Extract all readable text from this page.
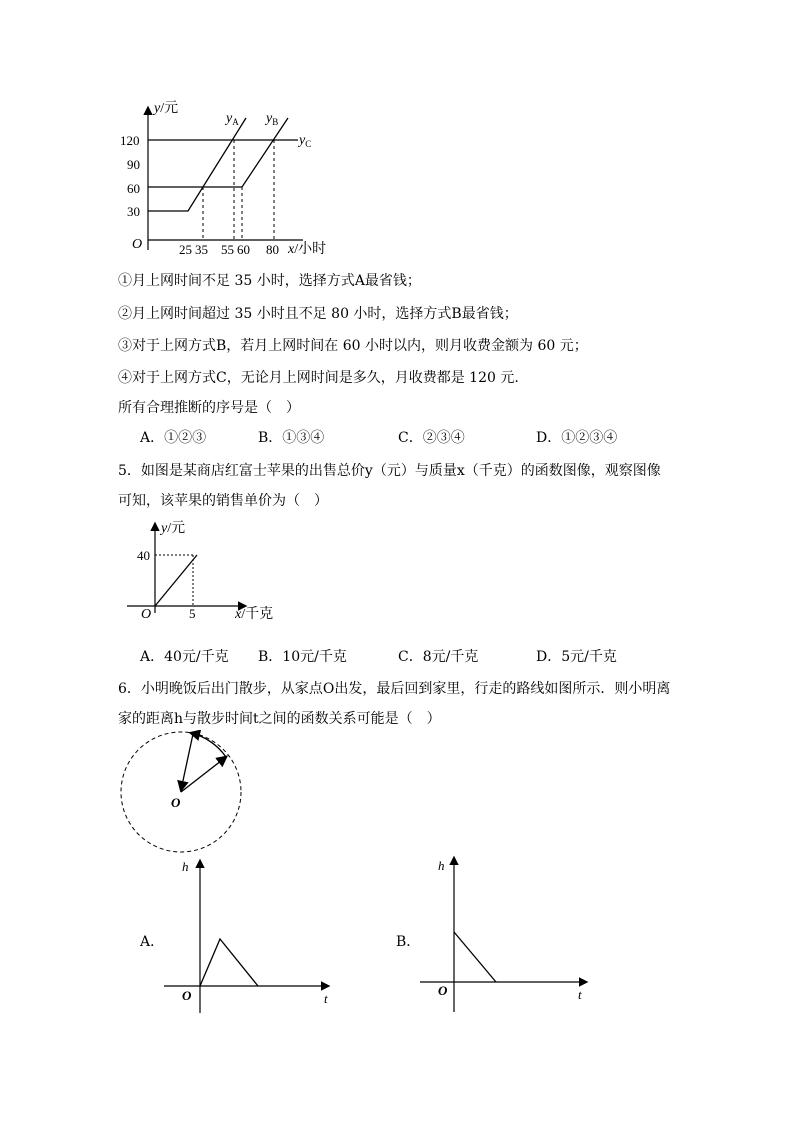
y/元
O
120
90
60
30
25 35 55 60 80 x/小时
$y_A$ $y_B$
$y_C$
①月上网时间不足 35 小时，选择方式A最省钱；
②月上网时间超过 35 小时且不足 80 小时，选择方式B最省钱；
③对于上网方式B，若月上网时间在 60 小时以内，则月收费金额为 60 元；
④对于上网方式C，无论月上网时间是多久，月收费都是 120 元.
所有合理推断的序号是（　）
A．①②③	B．①③④	C．②③④	D．①②③④
5．如图是某商店红富士苹果的出售总价y（元）与质量x（千克）的函数图像，观察图像
可知，该苹果的销售单价为（　）
y/元
40
O	5	x/千克
A．40元/千克 B．10元/千克	C．8元/千克	D．5元/千克
6．小明晚饭后出门散步，从家点O出发，最后回到家里，行走的路线如图所示．则小明离
家的距离h与散步时间t之间的函数关系可能是（　）
O
A．
h
O	t
B．
h
O	t
